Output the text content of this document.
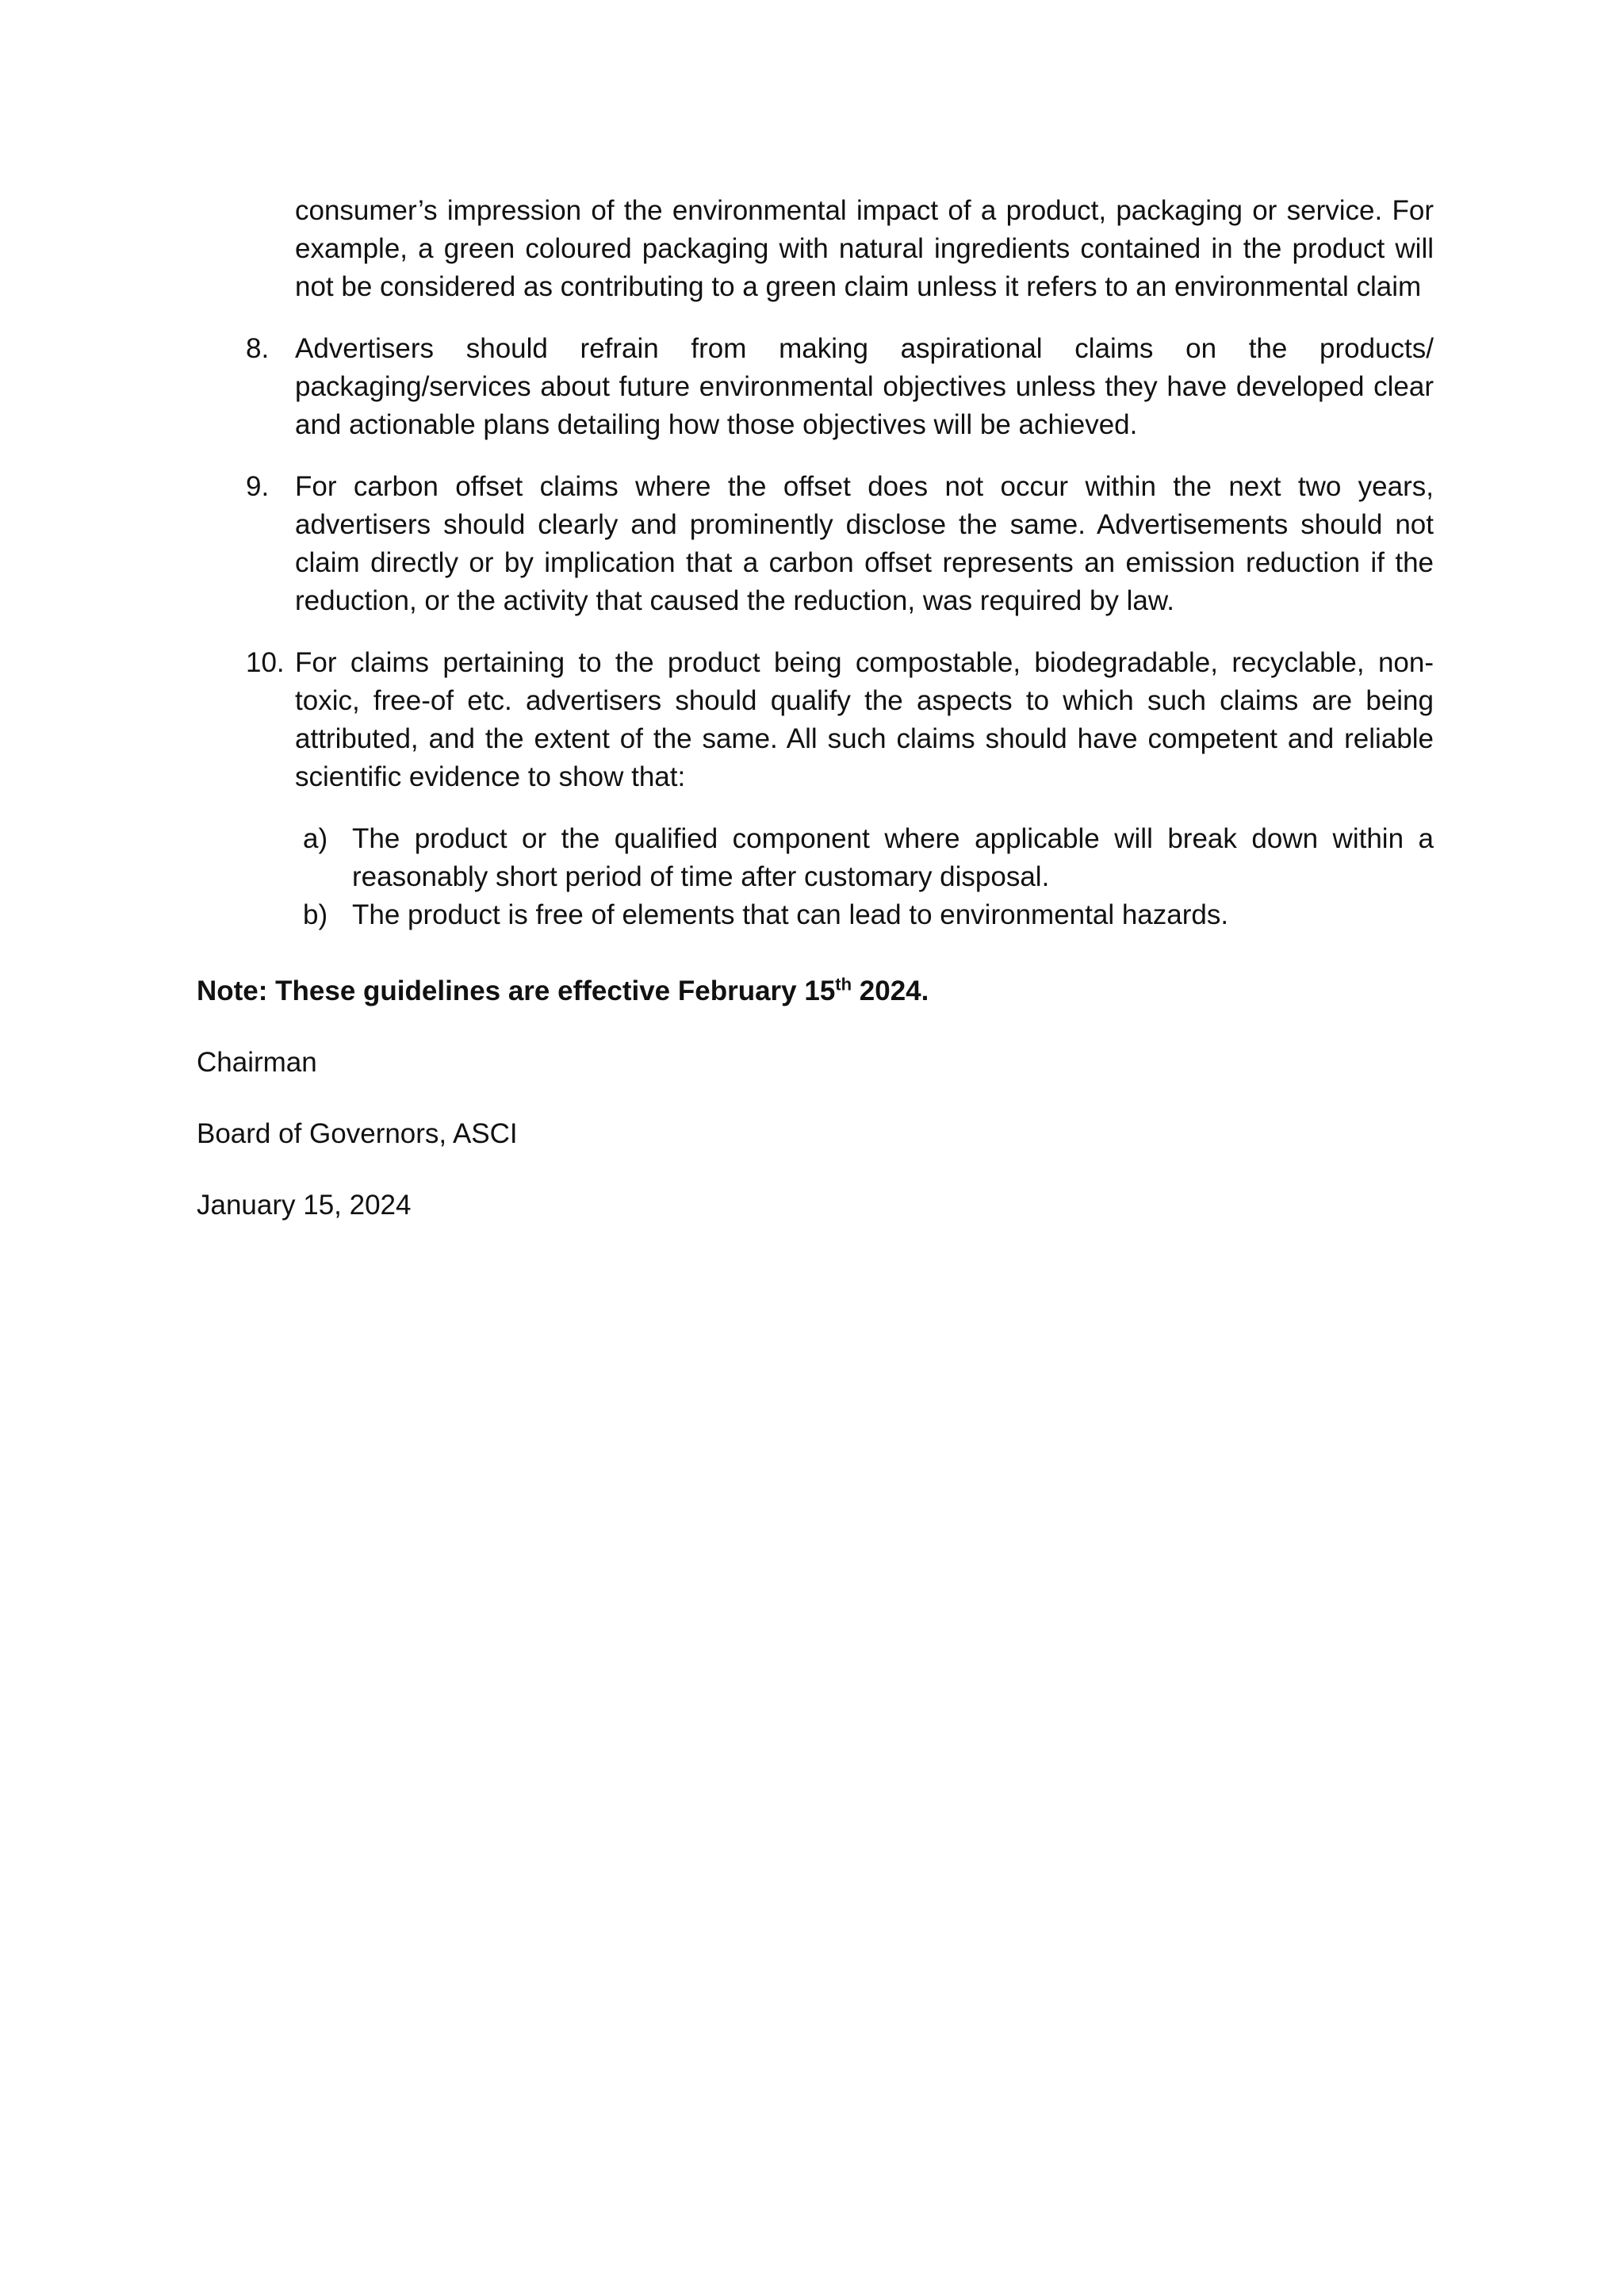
consumer’s impression of the environmental impact of a product, packaging or service. For example, a green coloured packaging with natural ingredients contained in the product will not be considered as contributing to a green claim unless it refers to an environmental claim
8. Advertisers should refrain from making aspirational claims on the products/ packaging/services about future environmental objectives unless they have developed clear and actionable plans detailing how those objectives will be achieved.
9. For carbon offset claims where the offset does not occur within the next two years, advertisers should clearly and prominently disclose the same. Advertisements should not claim directly or by implication that a carbon offset represents an emission reduction if the reduction, or the activity that caused the reduction, was required by law.
10. For claims pertaining to the product being compostable, biodegradable, recyclable, non-toxic, free-of etc. advertisers should qualify the aspects to which such claims are being attributed, and the extent of the same. All such claims should have competent and reliable scientific evidence to show that:
a) The product or the qualified component where applicable will break down within a reasonably short period of time after customary disposal.
b) The product is free of elements that can lead to environmental hazards.
Note: These guidelines are effective February 15th 2024.
Chairman
Board of Governors, ASCI
January 15, 2024
